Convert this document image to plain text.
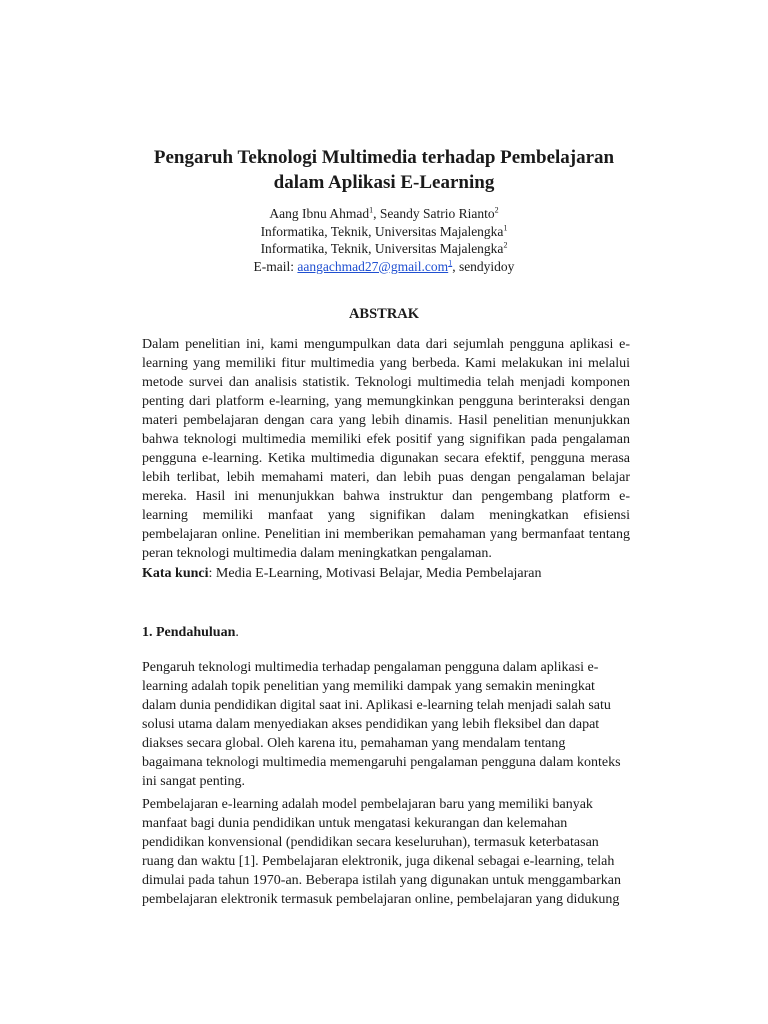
Pengaruh Teknologi Multimedia terhadap Pembelajaran
dalam Aplikasi E-Learning
Aang Ibnu Ahmad$^1$, Seandy Satrio Rianto$^2$
Informatika, Teknik, Universitas Majalengka$^1$
Informatika, Teknik, Universitas Majalengka$^2$
E-mail: aangachmad27@gmail.com$^1$, sendyidoy
ABSTRAK
Dalam penelitian ini, kami mengumpulkan data dari sejumlah pengguna aplikasi e-
learning yang memiliki fitur multimedia yang berbeda. Kami melakukan ini melalui
metode survei dan analisis statistik. Teknologi multimedia telah menjadi komponen
penting dari platform e-learning, yang memungkinkan pengguna berinteraksi dengan
materi pembelajaran dengan cara yang lebih dinamis. Hasil penelitian menunjukkan
bahwa teknologi multimedia memiliki efek positif yang signifikan pada pengalaman
pengguna e-learning. Ketika multimedia digunakan secara efektif, pengguna merasa
lebih terlibat, lebih memahami materi, dan lebih puas dengan pengalaman belajar
mereka. Hasil ini menunjukkan bahwa instruktur dan pengembang platform e-
learning memiliki manfaat yang signifikan dalam meningkatkan efisiensi
pembelajaran online. Penelitian ini memberikan pemahaman yang bermanfaat tentang
peran teknologi multimedia dalam meningkatkan pengalaman.
Kata kunci: Media E-Learning, Motivasi Belajar, Media Pembelajaran
1. Pendahuluan.
Pengaruh teknologi multimedia terhadap pengalaman pengguna dalam aplikasi e-
learning adalah topik penelitian yang memiliki dampak yang semakin meningkat
dalam dunia pendidikan digital saat ini. Aplikasi e-learning telah menjadi salah satu
solusi utama dalam menyediakan akses pendidikan yang lebih fleksibel dan dapat
diakses secara global. Oleh karena itu, pemahaman yang mendalam tentang
bagaimana teknologi multimedia memengaruhi pengalaman pengguna dalam konteks
ini sangat penting.
Pembelajaran e-learning adalah model pembelajaran baru yang memiliki banyak
manfaat bagi dunia pendidikan untuk mengatasi kekurangan dan kelemahan
pendidikan konvensional (pendidikan secara keseluruhan), termasuk keterbatasan
ruang dan waktu [1]. Pembelajaran elektronik, juga dikenal sebagai e-learning, telah
dimulai pada tahun 1970-an. Beberapa istilah yang digunakan untuk menggambarkan
pembelajaran elektronik termasuk pembelajaran online, pembelajaran yang didukung
